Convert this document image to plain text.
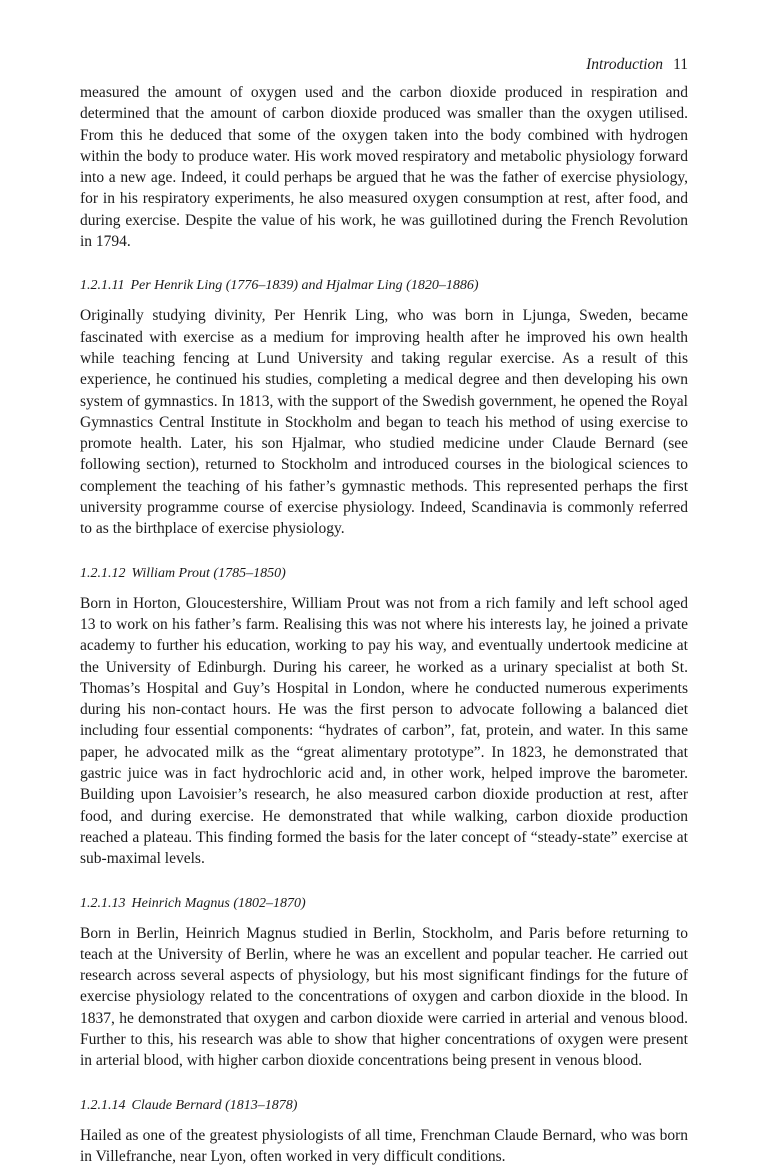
Introduction 11

measured the amount of oxygen used and the carbon dioxide produced in respiration and determined that the amount of carbon dioxide produced was smaller than the oxygen utilised. From this he deduced that some of the oxygen taken into the body combined with hydrogen within the body to produce water. His work moved respiratory and metabolic physiology forward into a new age. Indeed, it could perhaps be argued that he was the father of exercise physiology, for in his respiratory experiments, he also measured oxygen consumption at rest, after food, and during exercise. Despite the value of his work, he was guillotined during the French Revolution in 1794.

1.2.1.11 Per Henrik Ling (1776–1839) and Hjalmar Ling (1820–1886)

Originally studying divinity, Per Henrik Ling, who was born in Ljunga, Sweden, became fascinated with exercise as a medium for improving health after he improved his own health while teaching fencing at Lund University and taking regular exercise. As a result of this experience, he continued his studies, completing a medical degree and then developing his own system of gymnastics. In 1813, with the support of the Swedish government, he opened the Royal Gymnastics Central Institute in Stockholm and began to teach his method of using exercise to promote health. Later, his son Hjalmar, who studied medicine under Claude Bernard (see following section), returned to Stockholm and introduced courses in the biological sciences to complement the teaching of his father’s gymnastic methods. This represented perhaps the first university programme course of exercise physiology. Indeed, Scandinavia is commonly referred to as the birthplace of exercise physiology.

1.2.1.12 William Prout (1785–1850)

Born in Horton, Gloucestershire, William Prout was not from a rich family and left school aged 13 to work on his father’s farm. Realising this was not where his interests lay, he joined a private academy to further his education, working to pay his way, and eventually undertook medicine at the University of Edinburgh. During his career, he worked as a urinary specialist at both St. Thomas’s Hospital and Guy’s Hospital in London, where he conducted numerous experiments during his non-contact hours. He was the first person to advocate following a balanced diet including four essential components: “hydrates of carbon”, fat, protein, and water. In this same paper, he advocated milk as the “great alimentary prototype”. In 1823, he demonstrated that gastric juice was in fact hydrochloric acid and, in other work, helped improve the barometer. Building upon Lavoisier’s research, he also measured carbon dioxide production at rest, after food, and during exercise. He demonstrated that while walking, carbon dioxide production reached a plateau. This finding formed the basis for the later concept of “steady-state” exercise at sub-maximal levels.

1.2.1.13 Heinrich Magnus (1802–1870)

Born in Berlin, Heinrich Magnus studied in Berlin, Stockholm, and Paris before returning to teach at the University of Berlin, where he was an excellent and popular teacher. He carried out research across several aspects of physiology, but his most significant findings for the future of exercise physiology related to the concentrations of oxygen and carbon dioxide in the blood. In 1837, he demonstrated that oxygen and carbon dioxide were carried in arterial and venous blood. Further to this, his research was able to show that higher concentrations of oxygen were present in arterial blood, with higher carbon dioxide concentrations being present in venous blood.

1.2.1.14 Claude Bernard (1813–1878)

Hailed as one of the greatest physiologists of all time, Frenchman Claude Bernard, who was born in Villefranche, near Lyon, often worked in very difficult conditions.
